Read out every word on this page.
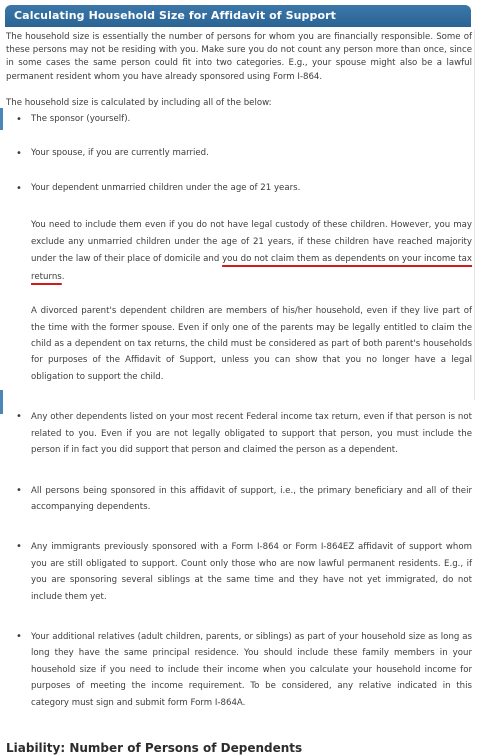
Calculating Household Size for Affidavit of Support

The household size is essentially the number of persons for whom you are financially responsible. Some of these persons may not be residing with you. Make sure you do not count any person more than once, since in some cases the same person could fit into two categories. E.g., your spouse might also be a lawful permanent resident whom you have already sponsored using Form I-864.

The household size is calculated by including all of the below:

• The sponsor (yourself).
• Your spouse, if you are currently married.
• Your dependent unmarried children under the age of 21 years.

You need to include them even if you do not have legal custody of these children. However, you may exclude any unmarried children under the age of 21 years, if these children have reached majority under the law of their place of domicile and you do not claim them as dependents on your income tax returns.

A divorced parent's dependent children are members of his/her household, even if they live part of the time with the former spouse. Even if only one of the parents may be legally entitled to claim the child as a dependent on tax returns, the child must be considered as part of both parent's households for purposes of the Affidavit of Support, unless you can show that you no longer have a legal obligation to support the child.

• Any other dependents listed on your most recent Federal income tax return, even if that person is not related to you. Even if you are not legally obligated to support that person, you must include the person if in fact you did support that person and claimed the person as a dependent.
• All persons being sponsored in this affidavit of support, i.e., the primary beneficiary and all of their accompanying dependents.
• Any immigrants previously sponsored with a Form I-864 or Form I-864EZ affidavit of support whom you are still obligated to support. Count only those who are now lawful permanent residents. E.g., if you are sponsoring several siblings at the same time and they have not yet immigrated, do not include them yet.
• Your additional relatives (adult children, parents, or siblings) as part of your household size as long as long they have the same principal residence. You should include these family members in your household size if you need to include their income when you calculate your household income for purposes of meeting the income requirement. To be considered, any relative indicated in this category must sign and submit form Form I-864A.
Liability: Number of Persons of Dependents
